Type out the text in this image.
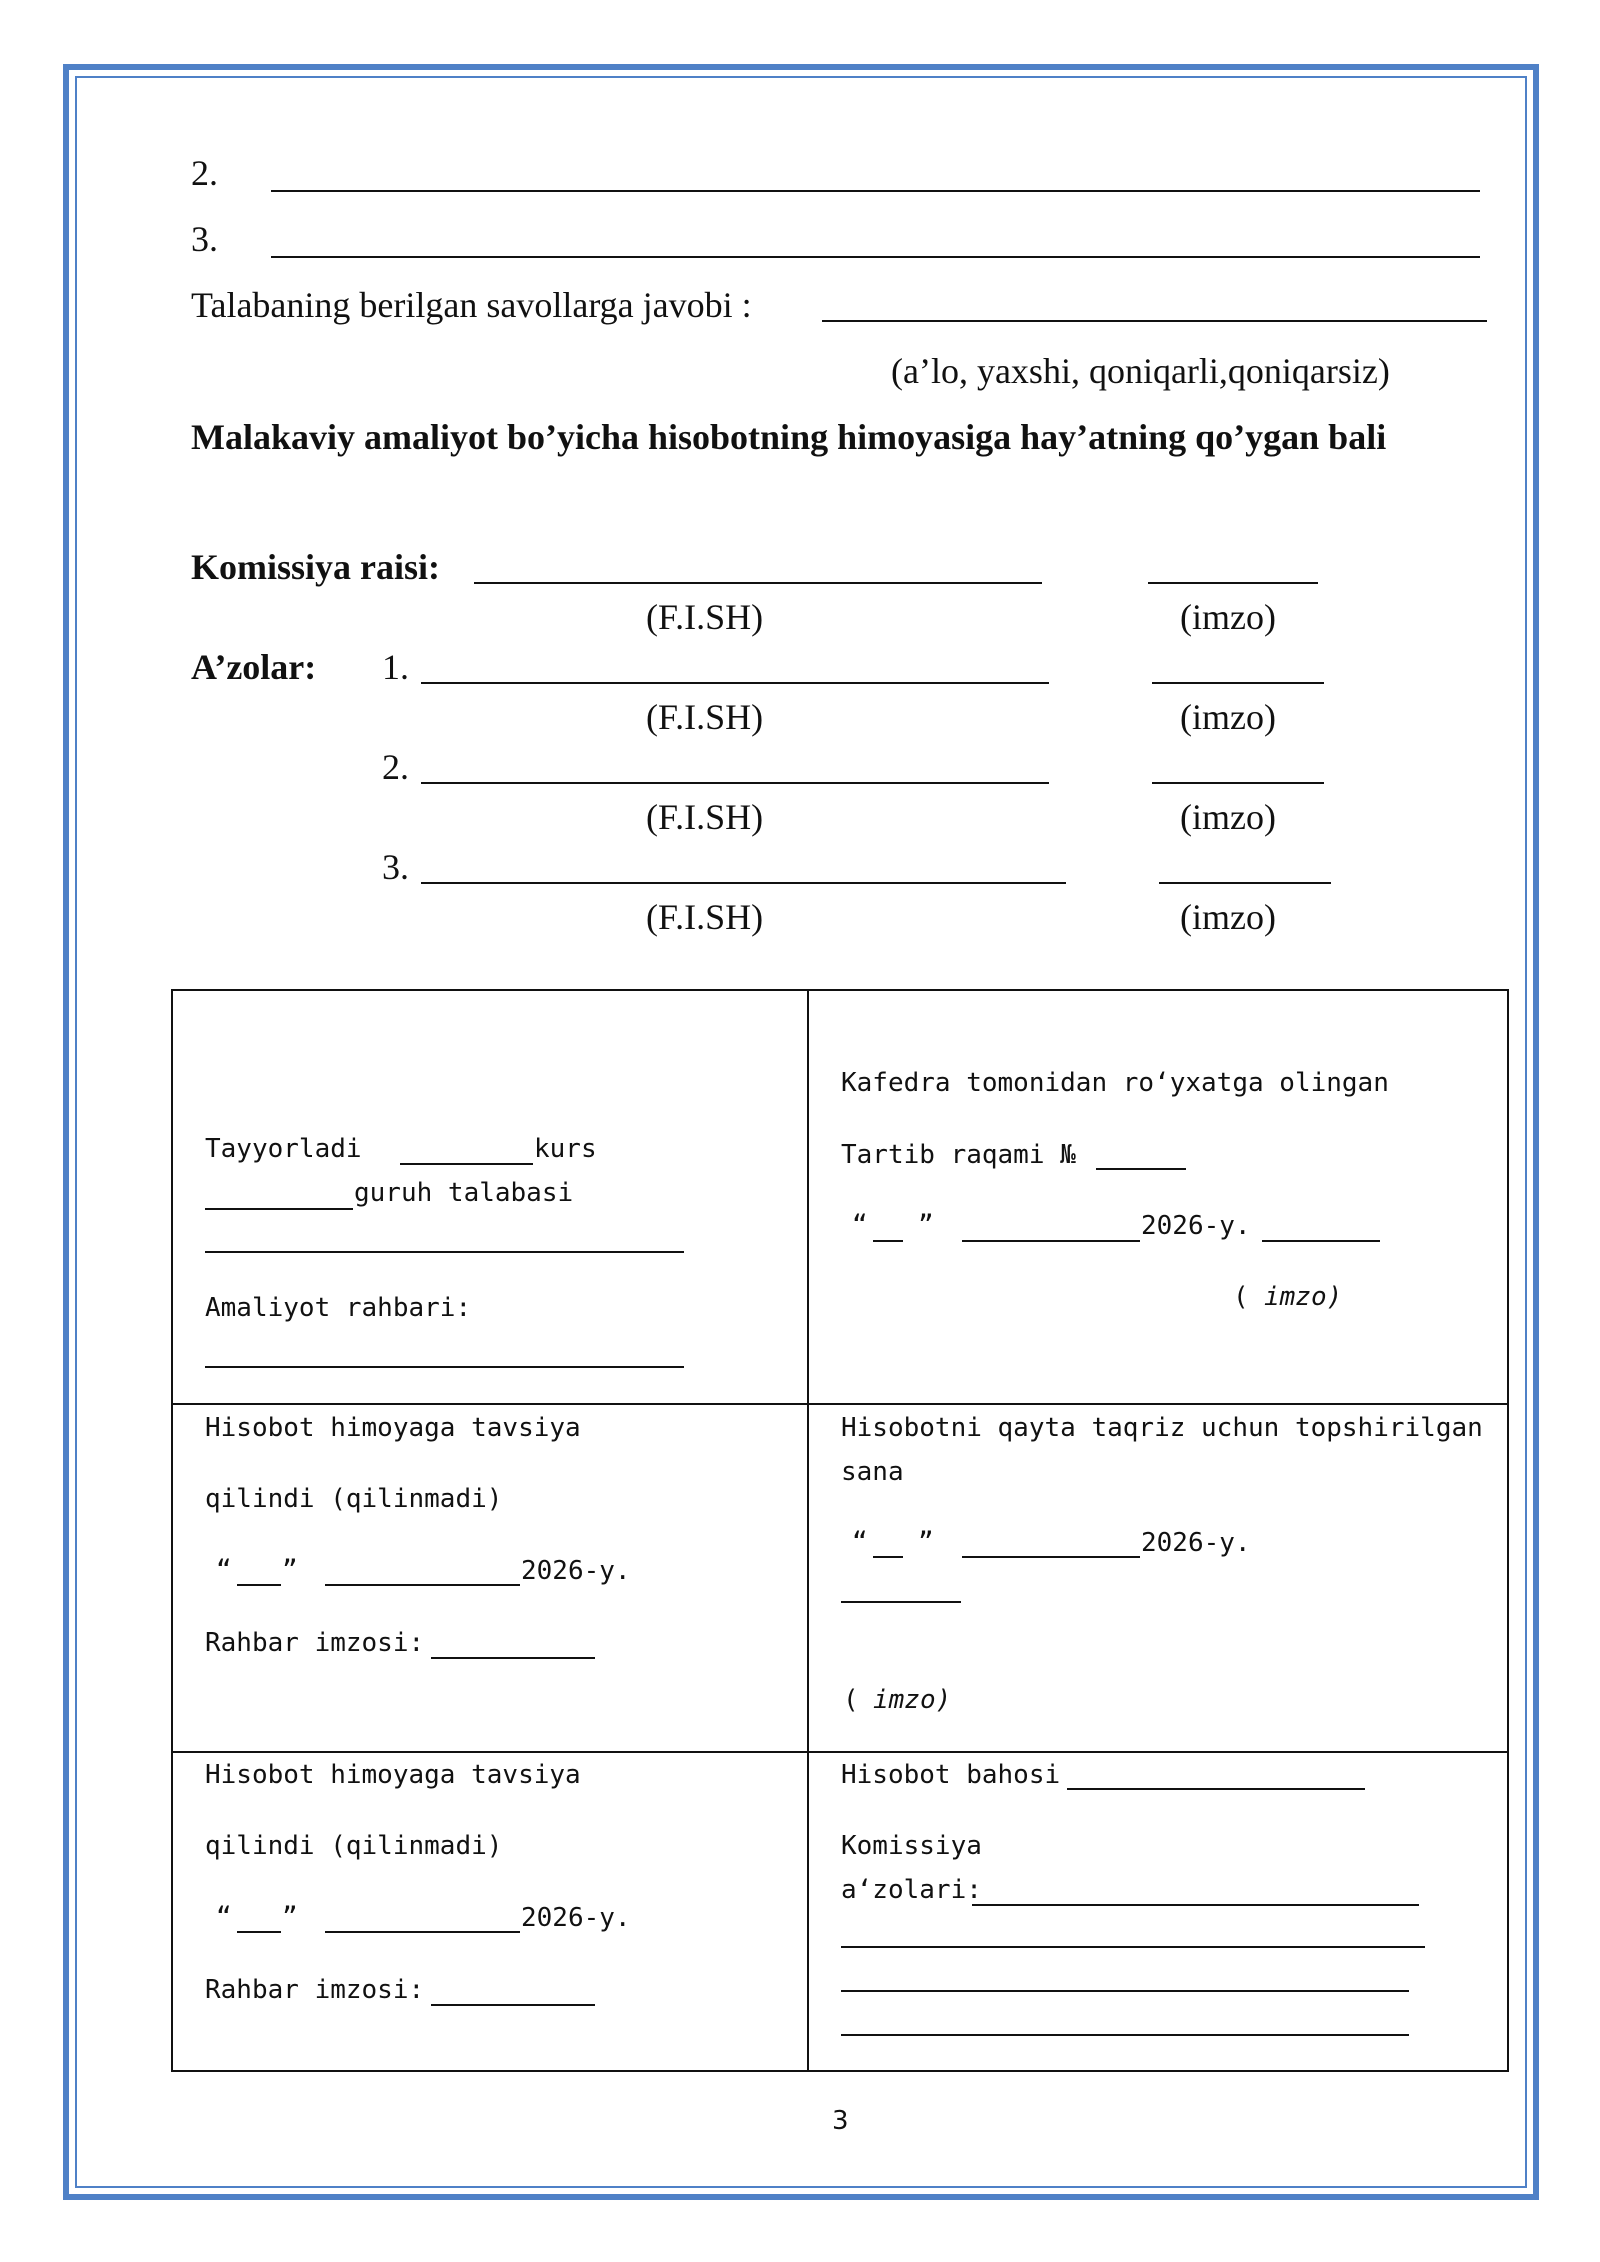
2.
3.
Talabaning berilgan savollarga javobi :
(a’lo, yaxshi, qoniqarli,qoniqarsiz)
Malakaviy amaliyot bo’yicha hisobotning himoyasiga hay’atning qo’ygan bali
Komissiya raisi:
(F.I.SH)	(imzo)
A’zolar: 1.
(F.I.SH)	(imzo)
2.
(F.I.SH)	(imzo)
3.
(F.I.SH)	(imzo)
Tayyorladi	kurs
guruh talabasi
Amaliyot rahbari:
Kafedra tomonidan ro‘yxatga olingan
Tartib raqami №
“ ”	2026-y.
( imzo)
Hisobot himoyaga tavsiya
qilindi (qilinmadi)
“ ”	2026-y.
Rahbar imzosi:
Hisobotni qayta taqriz uchun topshirilgan
sana
“ ”	2026-y.
( imzo)
Hisobot himoyaga tavsiya
qilindi (qilinmadi)
“ ”	2026-y.
Rahbar imzosi:
Hisobot bahosi
Komissiya
a‘zolari:
3
